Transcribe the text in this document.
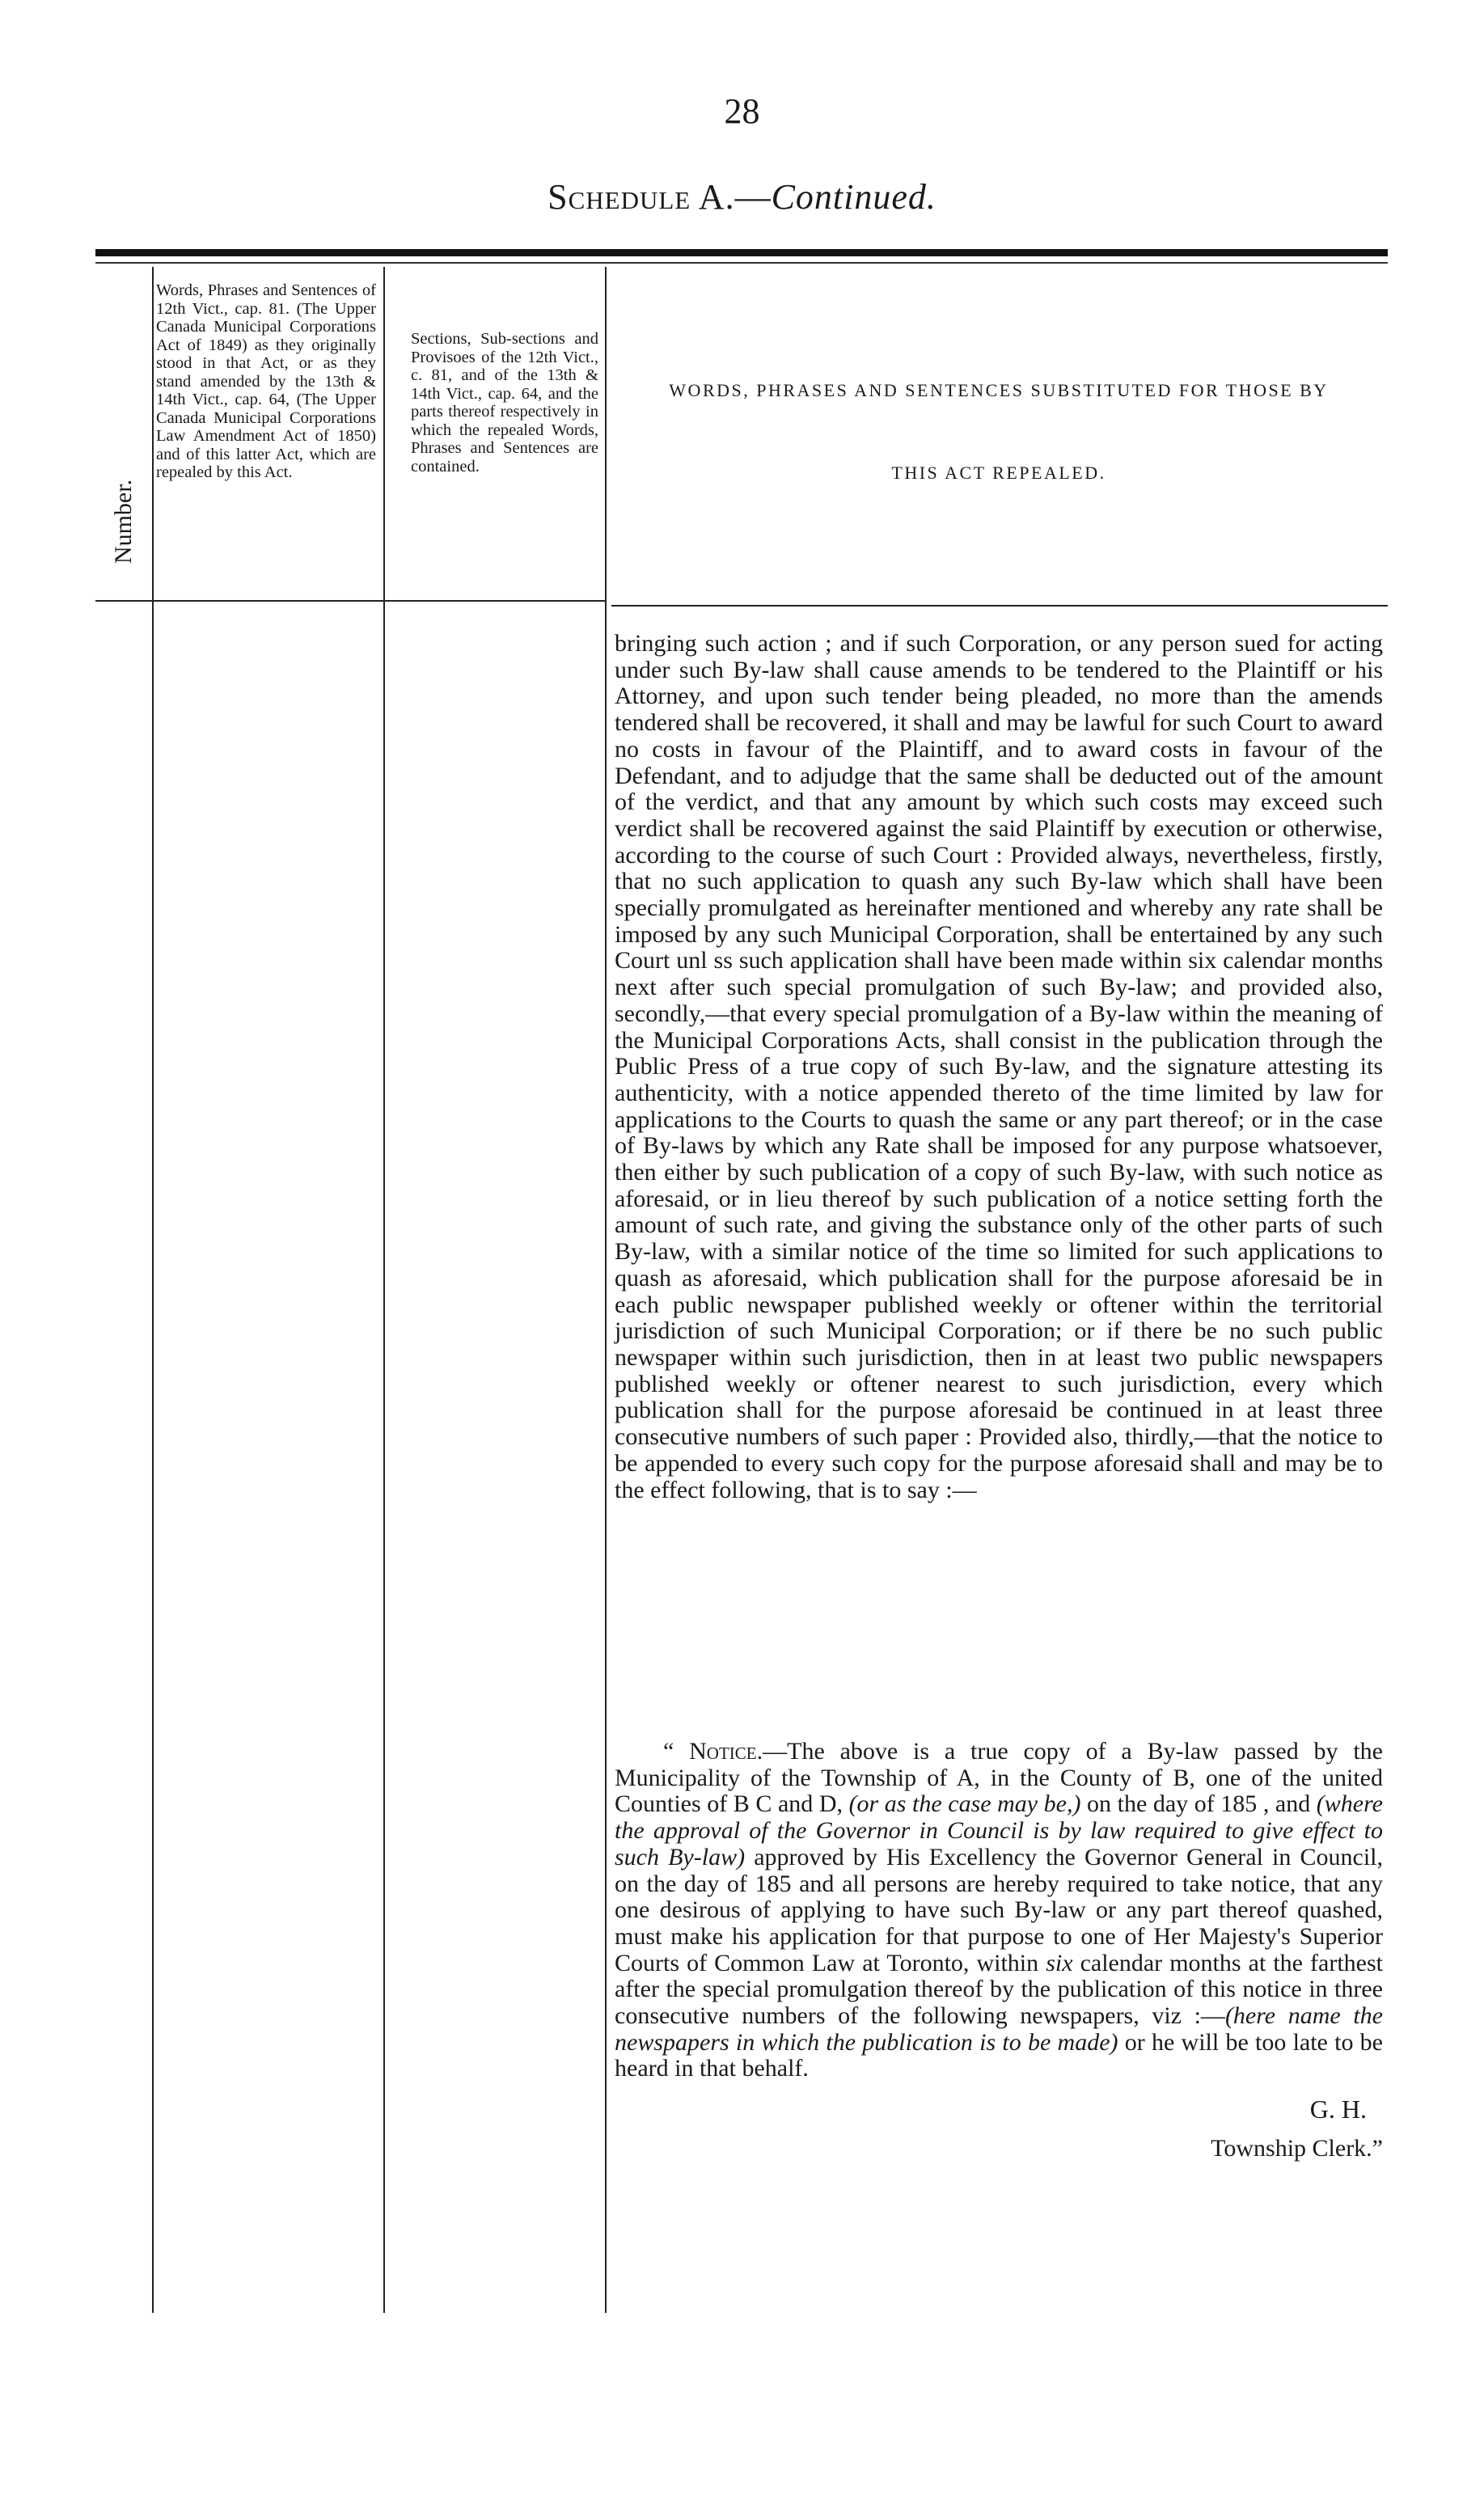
28
Schedule A.—Continued.
Number.
Words, Phrases and Sentences of 12th Vict., cap. 81. (The Upper Canada Municipal Corporations Act of 1849) as they originally stood in that Act, or as they stand amended by the 13th & 14th Vict., cap. 64, (The Upper Canada Municipal Corporations Law Amendment Act of 1850) and of this latter Act, which are repealed by this Act.
Sections, Sub-sections and Provisoes of the 12th Vict., c. 81, and of the 13th & 14th Vict., cap. 64, and the parts thereof respectively in which the repealed Words, Phrases and Sentences are contained.
WORDS, PHRASES AND SENTENCES SUBSTITUTED FOR THOSE BY
THIS ACT REPEALED.
bringing such action ; and if such Corporation, or any person sued for acting under such By-law shall cause amends to be tendered to the Plaintiff or his Attorney, and upon such tender being pleaded, no more than the amends tendered shall be recovered, it shall and may be lawful for such Court to award no costs in favour of the Plaintiff, and to award costs in favour of the Defendant, and to adjudge that the same shall be deducted out of the amount of the verdict, and that any amount by which such costs may exceed such verdict shall be recovered against the said Plaintiff by execution or otherwise, according to the course of such Court : Provided always, nevertheless, firstly, that no such application to quash any such By-law which shall have been specially promulgated as hereinafter mentioned and whereby any rate shall be imposed by any such Municipal Corporation, shall be entertained by any such Court unl ss such application shall have been made within six calendar months next after such special promulgation of such By-law; and provided also, secondly,—that every special promulgation of a By-law within the meaning of the Municipal Corporations Acts, shall consist in the publication through the Public Press of a true copy of such By-law, and the signature attesting its authenticity, with a notice appended thereto of the time limited by law for applications to the Courts to quash the same or any part thereof; or in the case of By-laws by which any Rate shall be imposed for any purpose whatsoever, then either by such publication of a copy of such By-law, with such notice as aforesaid, or in lieu thereof by such publication of a notice setting forth the amount of such rate, and giving the substance only of the other parts of such By-law, with a similar notice of the time so limited for such applications to quash as aforesaid, which publication shall for the purpose aforesaid be in each public newspaper published weekly or oftener within the territorial jurisdiction of such Municipal Corporation; or if there be no such public newspaper within such jurisdiction, then in at least two public newspapers published weekly or oftener nearest to such jurisdiction, every which publication shall for the purpose aforesaid be continued in at least three consecutive numbers of such paper : Provided also, thirdly,—that the notice to be appended to every such copy for the purpose aforesaid shall and may be to the effect following, that is to say :—
“ Notice.—The above is a true copy of a By-law passed by the Municipality of the Township of A, in the County of B, one of the united Counties of B C and D, (or as the case may be,) on the day of 185 , and (where the approval of the Governor in Council is by law required to give effect to such By-law) approved by His Excellency the Governor General in Council, on the day of 185 and all persons are hereby required to take notice, that any one desirous of applying to have such By-law or any part thereof quashed, must make his application for that purpose to one of Her Majesty's Superior Courts of Common Law at Toronto, within six calendar months at the farthest after the special promulgation thereof by the publication of this notice in three consecutive numbers of the following newspapers, viz :—(here name the newspapers in which the publication is to be made) or he will be too late to be heard in that behalf.
G. H.
Township Clerk.”
